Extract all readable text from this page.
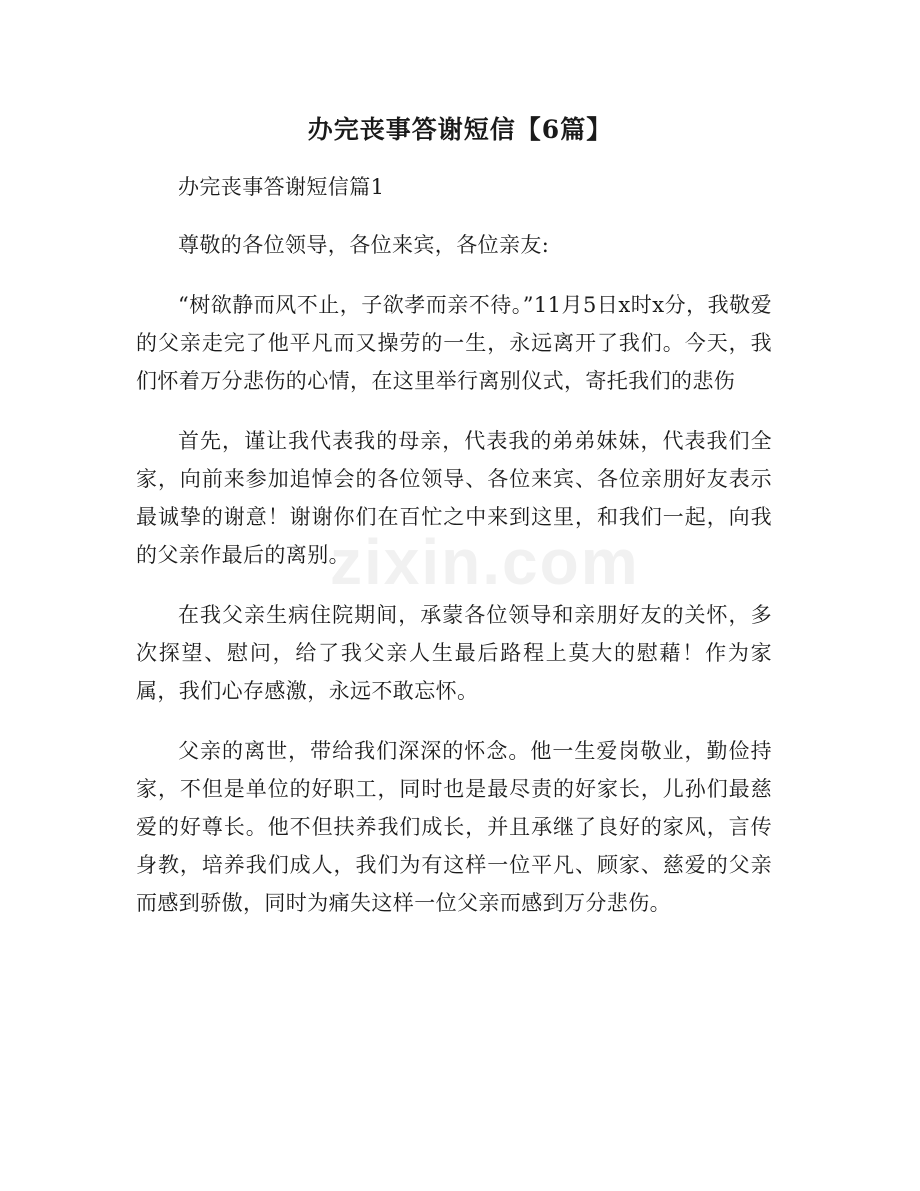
zixin.com
办完丧事答谢短信【6篇】

办完丧事答谢短信篇1

尊敬的各位领导，各位来宾，各位亲友:

“树欲静而风不止，子欲孝而亲不待。”11月5日x时x分，我敬爱的父亲走完了他平凡而又操劳的一生，永远离开了我们。今天，我们怀着万分悲伤的心情，在这里举行离别仪式，寄托我们的悲伤

首先，谨让我代表我的母亲，代表我的弟弟妹妹，代表我们全家，向前来参加追悼会的各位领导、各位来宾、各位亲朋好友表示最诚挚的谢意！谢谢你们在百忙之中来到这里，和我们一起，向我的父亲作最后的离别。

在我父亲生病住院期间，承蒙各位领导和亲朋好友的关怀，多次探望、慰问，给了我父亲人生最后路程上莫大的慰藉！作为家属，我们心存感激，永远不敢忘怀。

父亲的离世，带给我们深深的怀念。他一生爱岗敬业，勤俭持家，不但是单位的好职工，同时也是最尽责的好家长，儿孙们最慈爱的好尊长。他不但扶养我们成长，并且承继了良好的家风，言传身教，培养我们成人，我们为有这样一位平凡、顾家、慈爱的父亲而感到骄傲，同时为痛失这样一位父亲而感到万分悲伤。
